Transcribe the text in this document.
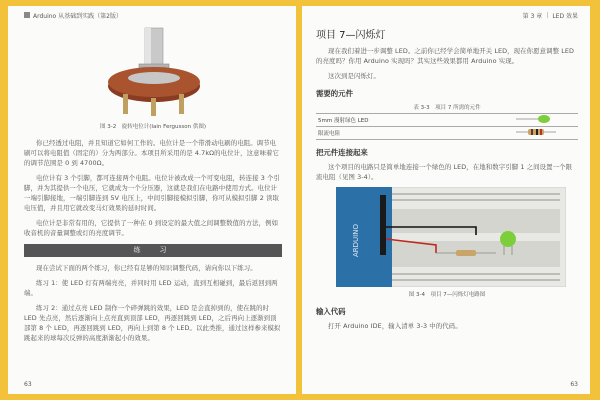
Arduino 从基础到实践（第2版）
图 3-2　旋转电位计(Iain Fergusson 供图)

你已经透过电阻，并且知道它如何工作的。电位计是一个带滑动电刷的电阻。调节电刷可以将电阻值（固定的）分为两部分。本项目所采用的是 4.7kΩ的电位计，这意味着它的调节范围是 0 到 4700Ω。

电位计有 3 个引脚，都可连接两个电阻。电位计被改成一个可变电阻，转连接 3 个引脚，并为其提供一个电压，它就成为一个分压器，这就是我们在电路中使用方式。电位计一端引脚接地，一端引脚连到 5V 电压上，中间引脚接模拟引脚，你可从模拟引脚 2 读取电压值，并且用它就改变马灯效果的延时时间。

电位计是非常有用的，它提供了一种在 0 到设定的最大值之间调整数值的方法，例如收音机的音量调整或灯的亮度调节。

练　习

现在尝试下面的两个练习，你已经有足够的知识调整代码，请向你以下练习。

练习 1：使 LED 灯有两端亮亮，并同时用 LED 运动，直到互相碰到，最后返回到两端。

练习 2：通过点亮 LED 制作一个碎弹跳的效果，LED 是会直掉到的，使在跳的时 LED 先点亮，然后逐渐向上点亮直到顶部 LED，再逐回跳到 LED，之后再向上逐渐到顶部第 8 个 LED，再逐回跳到 LED，再向上到第 8 个 LED。以此类推，通过这样参来模拟跳起来的球每次反弹的高度渐渐起小的效果。

63
第 3 章 | LED 效果
项目 7—闪烁灯

现在我们着进一步调整 LED。之前你已经学会简单地开关 LED，现在你愿意调整 LED 的亮度吗？你用 Arduino 实现吗？其实这些效果都用 Arduino 实现。

这次到是闪烁灯。

需要的元件
表 3-3　项目 7 所需的元件
5mm 漫射绿色 LED	
限流电阻	
把元件连接起来

这个项目的电路只是简单地连接一个绿色的 LED，在地和数字引脚 1 之间设置一个限流电阻（见图 3-4）。

ARDUINO
图 3-4　项目 7—闪烁灯电路图
输入代码

打开 Arduino IDE，输入清单 3-3 中的代码。

63
